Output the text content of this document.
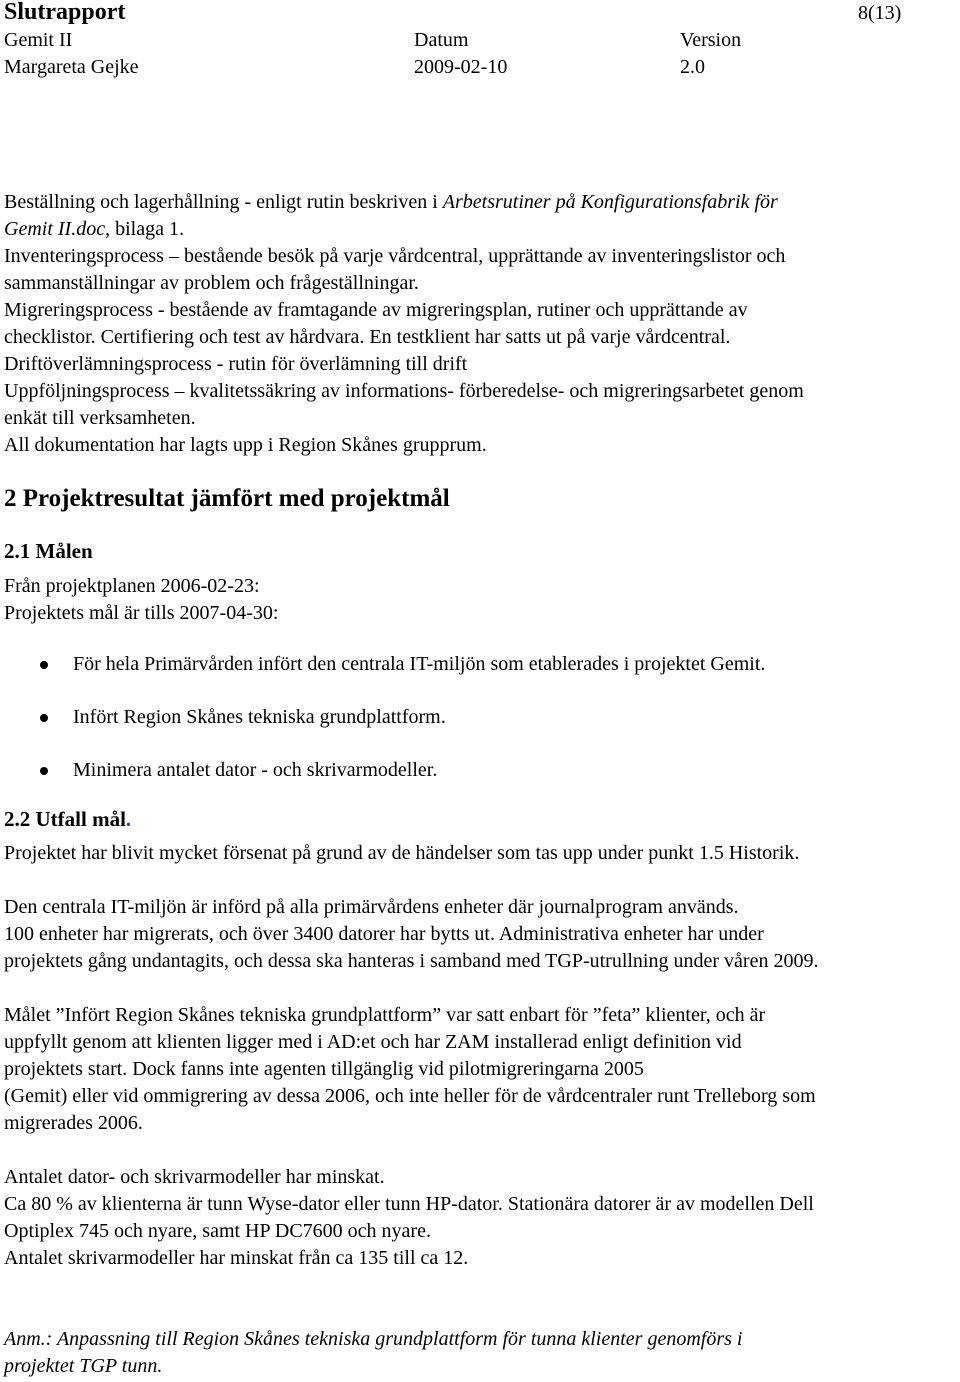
Slutrapport	8(13)
Gemit II	Datum	Version
Margareta Gejke	2009-02-10	2.0
Beställning och lagerhållning - enligt rutin beskriven i Arbetsrutiner på Konfigurationsfabrik för
Gemit II.doc, bilaga 1.
Inventeringsprocess – bestående besök på varje vårdcentral, upprättande av inventeringslistor och
sammanställningar av problem och frågeställningar.
Migreringsprocess - bestående av framtagande av migreringsplan, rutiner och upprättande av
checklistor. Certifiering och test av hårdvara. En testklient har satts ut på varje vårdcentral.
Driftöverlämningsprocess - rutin för överlämning till drift
Uppföljningsprocess – kvalitetssäkring av informations- förberedelse- och migreringsarbetet genom
enkät till verksamheten.
All dokumentation har lagts upp i Region Skånes grupprum.
2 Projektresultat jämfört med projektmål
2.1 Målen
Från projektplanen 2006-02-23:
Projektets mål är tills 2007-04-30:
För hela Primärvården infört den centrala IT-miljön som etablerades i projektet Gemit.
Infört Region Skånes tekniska grundplattform.
Minimera antalet dator - och skrivarmodeller.
2.2 Utfall mål.
Projektet har blivit mycket försenat på grund av de händelser som tas upp under punkt 1.5 Historik.
Den centrala IT-miljön är införd på alla primärvårdens enheter där journalprogram används.
100 enheter har migrerats, och över 3400 datorer har bytts ut. Administrativa enheter har under
projektets gång undantagits, och dessa ska hanteras i samband med TGP-utrullning under våren 2009.
Målet ”Infört Region Skånes tekniska grundplattform” var satt enbart för ”feta” klienter, och är
uppfyllt genom att klienten ligger med i AD:et och har ZAM installerad enligt definition vid
projektets start. Dock fanns inte agenten tillgänglig vid pilotmigreringarna 2005
(Gemit) eller vid ommigrering av dessa 2006, och inte heller för de vårdcentraler runt Trelleborg som
migrerades 2006.
Antalet dator- och skrivarmodeller har minskat.
Ca 80 % av klienterna är tunn Wyse-dator eller tunn HP-dator. Stationära datorer är av modellen Dell
Optiplex 745 och nyare, samt HP DC7600 och nyare.
Antalet skrivarmodeller har minskat från ca 135 till ca 12.
Anm.: Anpassning till Region Skånes tekniska grundplattform för tunna klienter genomförs i
projektet TGP tunn.
